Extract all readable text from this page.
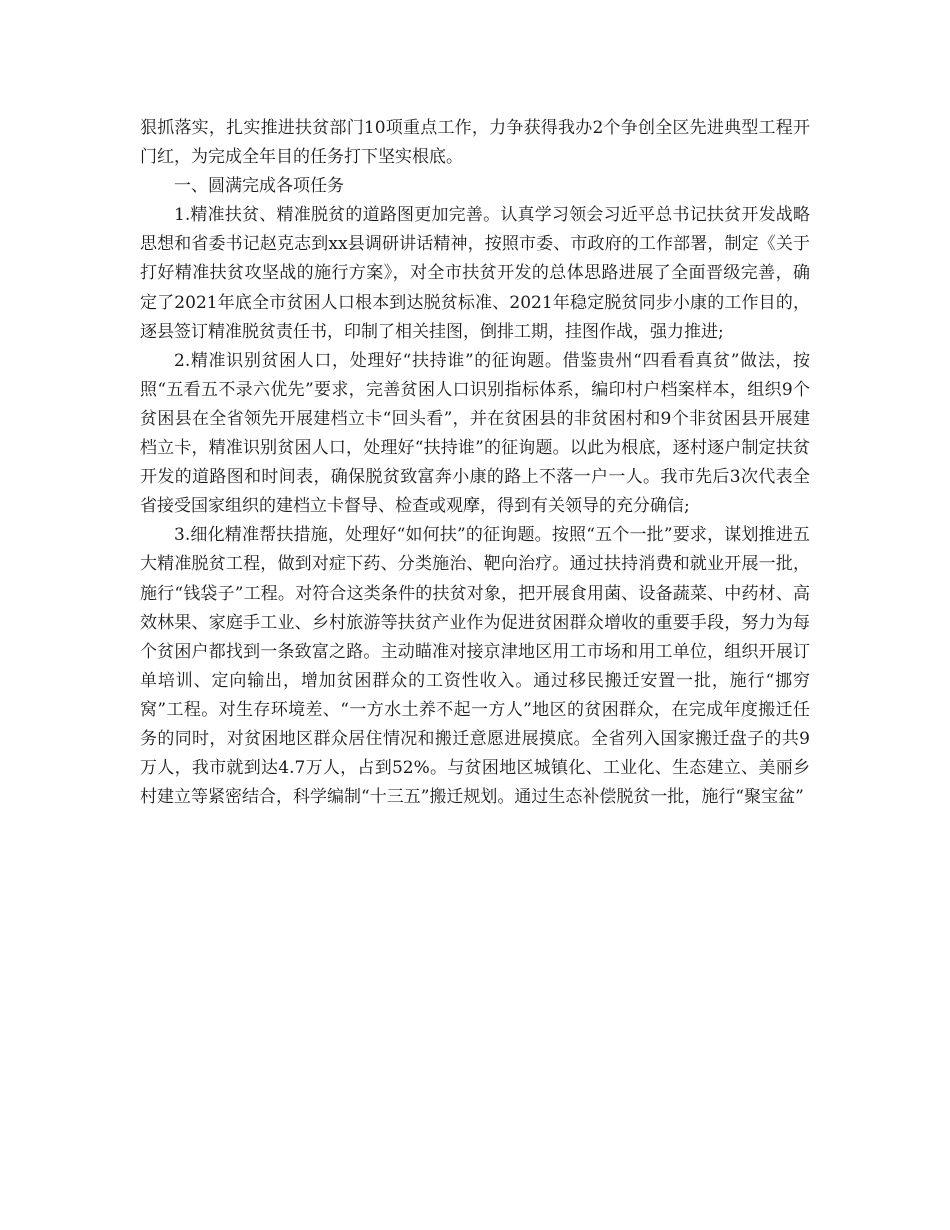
狠抓落实，扎实推进扶贫部门10项重点工作，力争获得我办2个争创全区先进典型工程开门红，为完成全年目的任务打下坚实根底。

一、圆满完成各项任务

1.精准扶贫、精准脱贫的道路图更加完善。认真学习领会习近平总书记扶贫开发战略思想和省委书记赵克志到xx县调研讲话精神，按照市委、市政府的工作部署，制定《关于打好精准扶贫攻坚战的施行方案》，对全市扶贫开发的总体思路进展了全面晋级完善，确定了2021年底全市贫困人口根本到达脱贫标准、2021年稳定脱贫同步小康的工作目的，逐县签订精准脱贫责任书，印制了相关挂图，倒排工期，挂图作战，强力推进;

2.精准识别贫困人口，处理好“扶持谁”的征询题。借鉴贵州“四看看真贫”做法，按照“五看五不录六优先”要求，完善贫困人口识别指标体系，编印村户档案样本，组织9个贫困县在全省领先开展建档立卡“回头看”，并在贫困县的非贫困村和9个非贫困县开展建档立卡，精准识别贫困人口，处理好“扶持谁”的征询题。以此为根底，逐村逐户制定扶贫开发的道路图和时间表，确保脱贫致富奔小康的路上不落一户一人。我市先后3次代表全省接受国家组织的建档立卡督导、检查或观摩，得到有关领导的充分确信;

3.细化精准帮扶措施，处理好“如何扶”的征询题。按照“五个一批”要求，谋划推进五大精准脱贫工程，做到对症下药、分类施治、靶向治疗。通过扶持消费和就业开展一批，施行“钱袋子”工程。对符合这类条件的扶贫对象，把开展食用菌、设备蔬菜、中药材、高效林果、家庭手工业、乡村旅游等扶贫产业作为促进贫困群众增收的重要手段，努力为每个贫困户都找到一条致富之路。主动瞄准对接京津地区用工市场和用工单位，组织开展订单培训、定向输出，增加贫困群众的工资性收入。通过移民搬迁安置一批，施行“挪穷窝”工程。对生存环境差、“一方水土养不起一方人”地区的贫困群众，在完成年度搬迁任务的同时，对贫困地区群众居住情况和搬迁意愿进展摸底。全省列入国家搬迁盘子的共9万人，我市就到达4.7万人，占到52%。与贫困地区城镇化、工业化、生态建立、美丽乡村建立等紧密结合，科学编制“十三五”搬迁规划。通过生态补偿脱贫一批，施行“聚宝盆”
